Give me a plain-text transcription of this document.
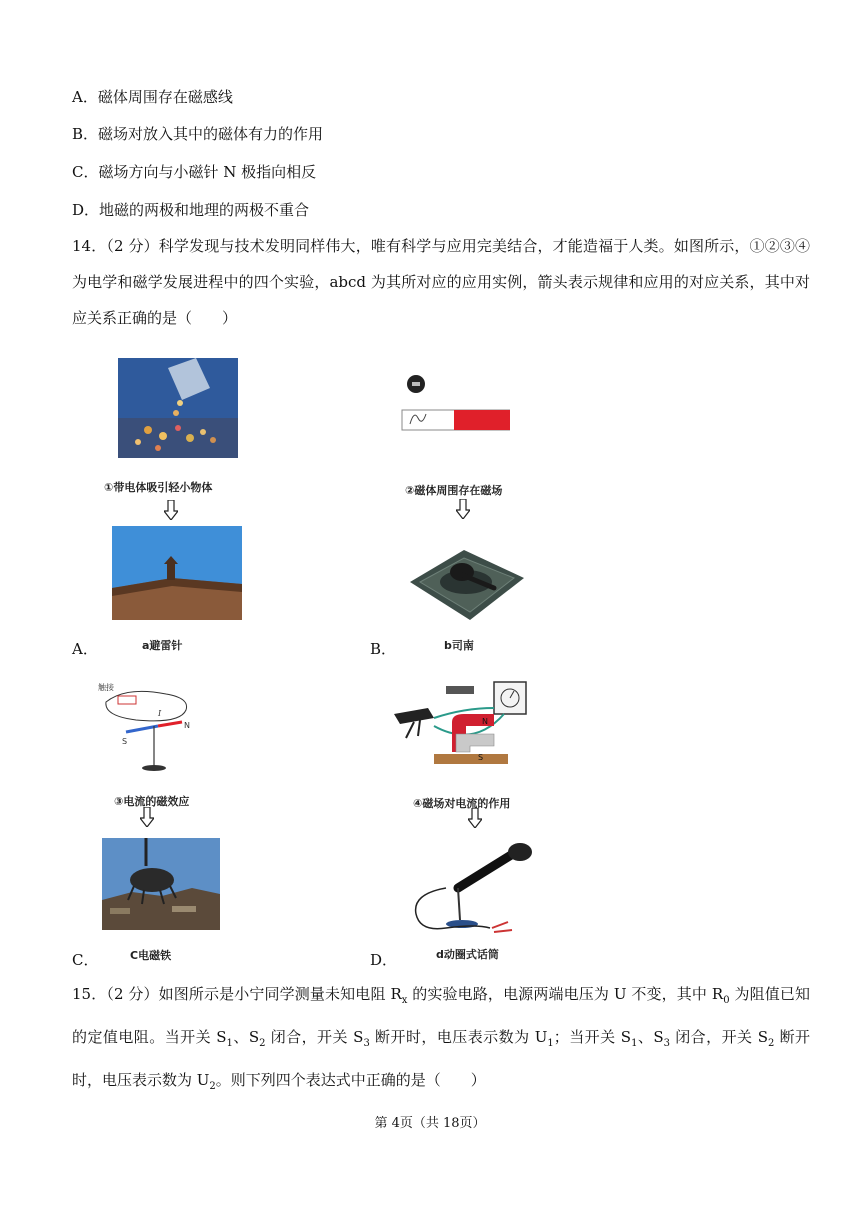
A．磁体周围存在磁感线
B．磁场对放入其中的磁体有力的作用
C．磁场方向与小磁针 N 极指向相反
D．地磁的两极和地理的两极不重合
14．（2 分）科学发现与技术发明同样伟大，唯有科学与应用完美结合，才能造福于人类。如图所示，①②③④为电学和磁学发展进程中的四个实验，abcd 为其所对应的应用实例，箭头表示规律和应用的对应关系，其中对应关系正确的是（　　）
①带电体吸引轻小物体
A．	a避雷针
②磁体周围存在磁场
B．	b司南
触接
S
N
I
③电流的磁效应
C．	C电磁铁
N
S
④磁场对电流的作用
D．	d动圈式话筒
15．（2 分）如图所示是小宁同学测量未知电阻 $R_x$ 的实验电路，电源两端电压为 U 不变，其中 $R_0$ 为阻值已知的定值电阻。当开关 $S_1$、$S_2$ 闭合，开关 $S_3$ 断开时，电压表示数为 $U_1$；当开关 $S_1$、$S_3$ 闭合，开关 $S_2$ 断开时，电压表示数为 $U_2$。则下列四个表达式中正确的是（　　）
第 4页（共 18页）
